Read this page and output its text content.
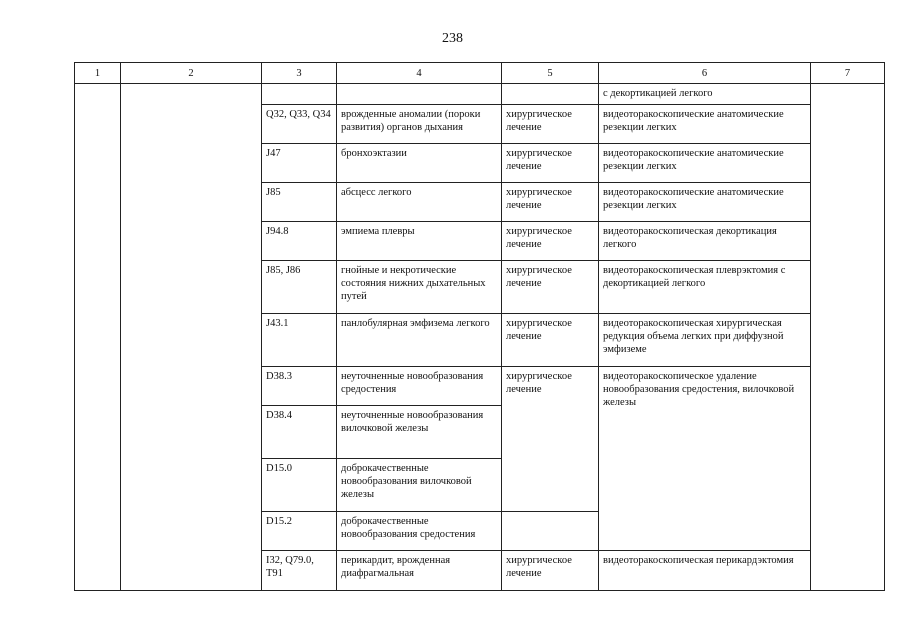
238
1	2	3	4	5	6	7
					с декортикацией легкого	
		Q32, Q33, Q34	врожденные аномалии (пороки развития) органов дыхания	хирургическое лечение	видеоторакоскопические анатомические резекции легких	
		J47	бронхоэктазии	хирургическое лечение	видеоторакоскопические анатомические резекции легких	
		J85	абсцесс легкого	хирургическое лечение	видеоторакоскопические анатомические резекции легких	
		J94.8	эмпиема плевры	хирургическое лечение	видеоторакоскопическая декортикация легкого	
		J85, J86	гнойные и некротические состояния нижних дыхательных путей	хирургическое лечение	видеоторакоскопическая плеврэктомия с декортикацией легкого	
		J43.1	панлобулярная эмфизема легкого	хирургическое лечение	видеоторакоскопическая хирургическая редукция объема легких при диффузной эмфиземе	
		D38.3	неуточненные новообразования средостения	хирургическое лечение	видеоторакоскопическое удаление новообразования средостения, вилочковой железы	
		D38.4	неуточненные новообразования вилочковой железы			
		D15.0	доброкачественные новообразования вилочковой железы			
		D15.2	доброкачественные новообразования средостения			
		I32, Q79.0, T91	перикардит, врожденная диафрагмальная	хирургическое лечение	видеоторакоскопическая перикардэктомия	
